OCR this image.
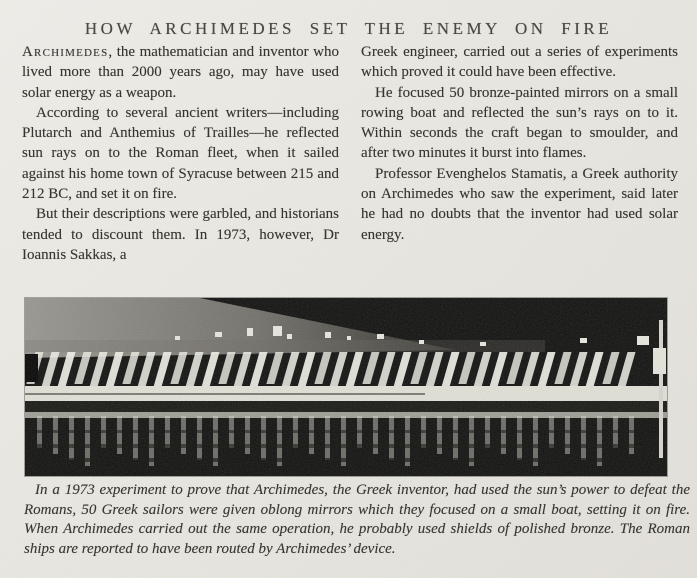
HOW ARCHIMEDES SET THE ENEMY ON FIRE

Archimedes, the mathematician and inventor who lived more than 2000 years ago, may have used solar energy as a weapon.

According to several ancient writers—including Plutarch and Anthemius of Trailles—he reflected sun rays on to the Roman fleet, when it sailed against his home town of Syracuse between 215 and 212 BC, and set it on fire.

But their descriptions were garbled, and historians tended to discount them. In 1973, however, Dr Ioannis Sakkas, a

Greek engineer, carried out a series of experiments which proved it could have been effective.

He focused 50 bronze-painted mirrors on a small rowing boat and reflected the sun’s rays on to it. Within seconds the craft began to smoulder, and after two minutes it burst into flames.

Professor Evenghelos Stamatis, a Greek authority on Archimedes who saw the experiment, said later he had no doubts that the inventor had used solar energy.

In a 1973 experiment to prove that Archimedes, the Greek inventor, had used the sun’s power to defeat the Romans, 50 Greek sailors were given oblong mirrors which they focused on a small boat, setting it on fire. When Archimedes carried out the same operation, he probably used shields of polished bronze. The Roman ships are reported to have been routed by Archimedes’ device.
